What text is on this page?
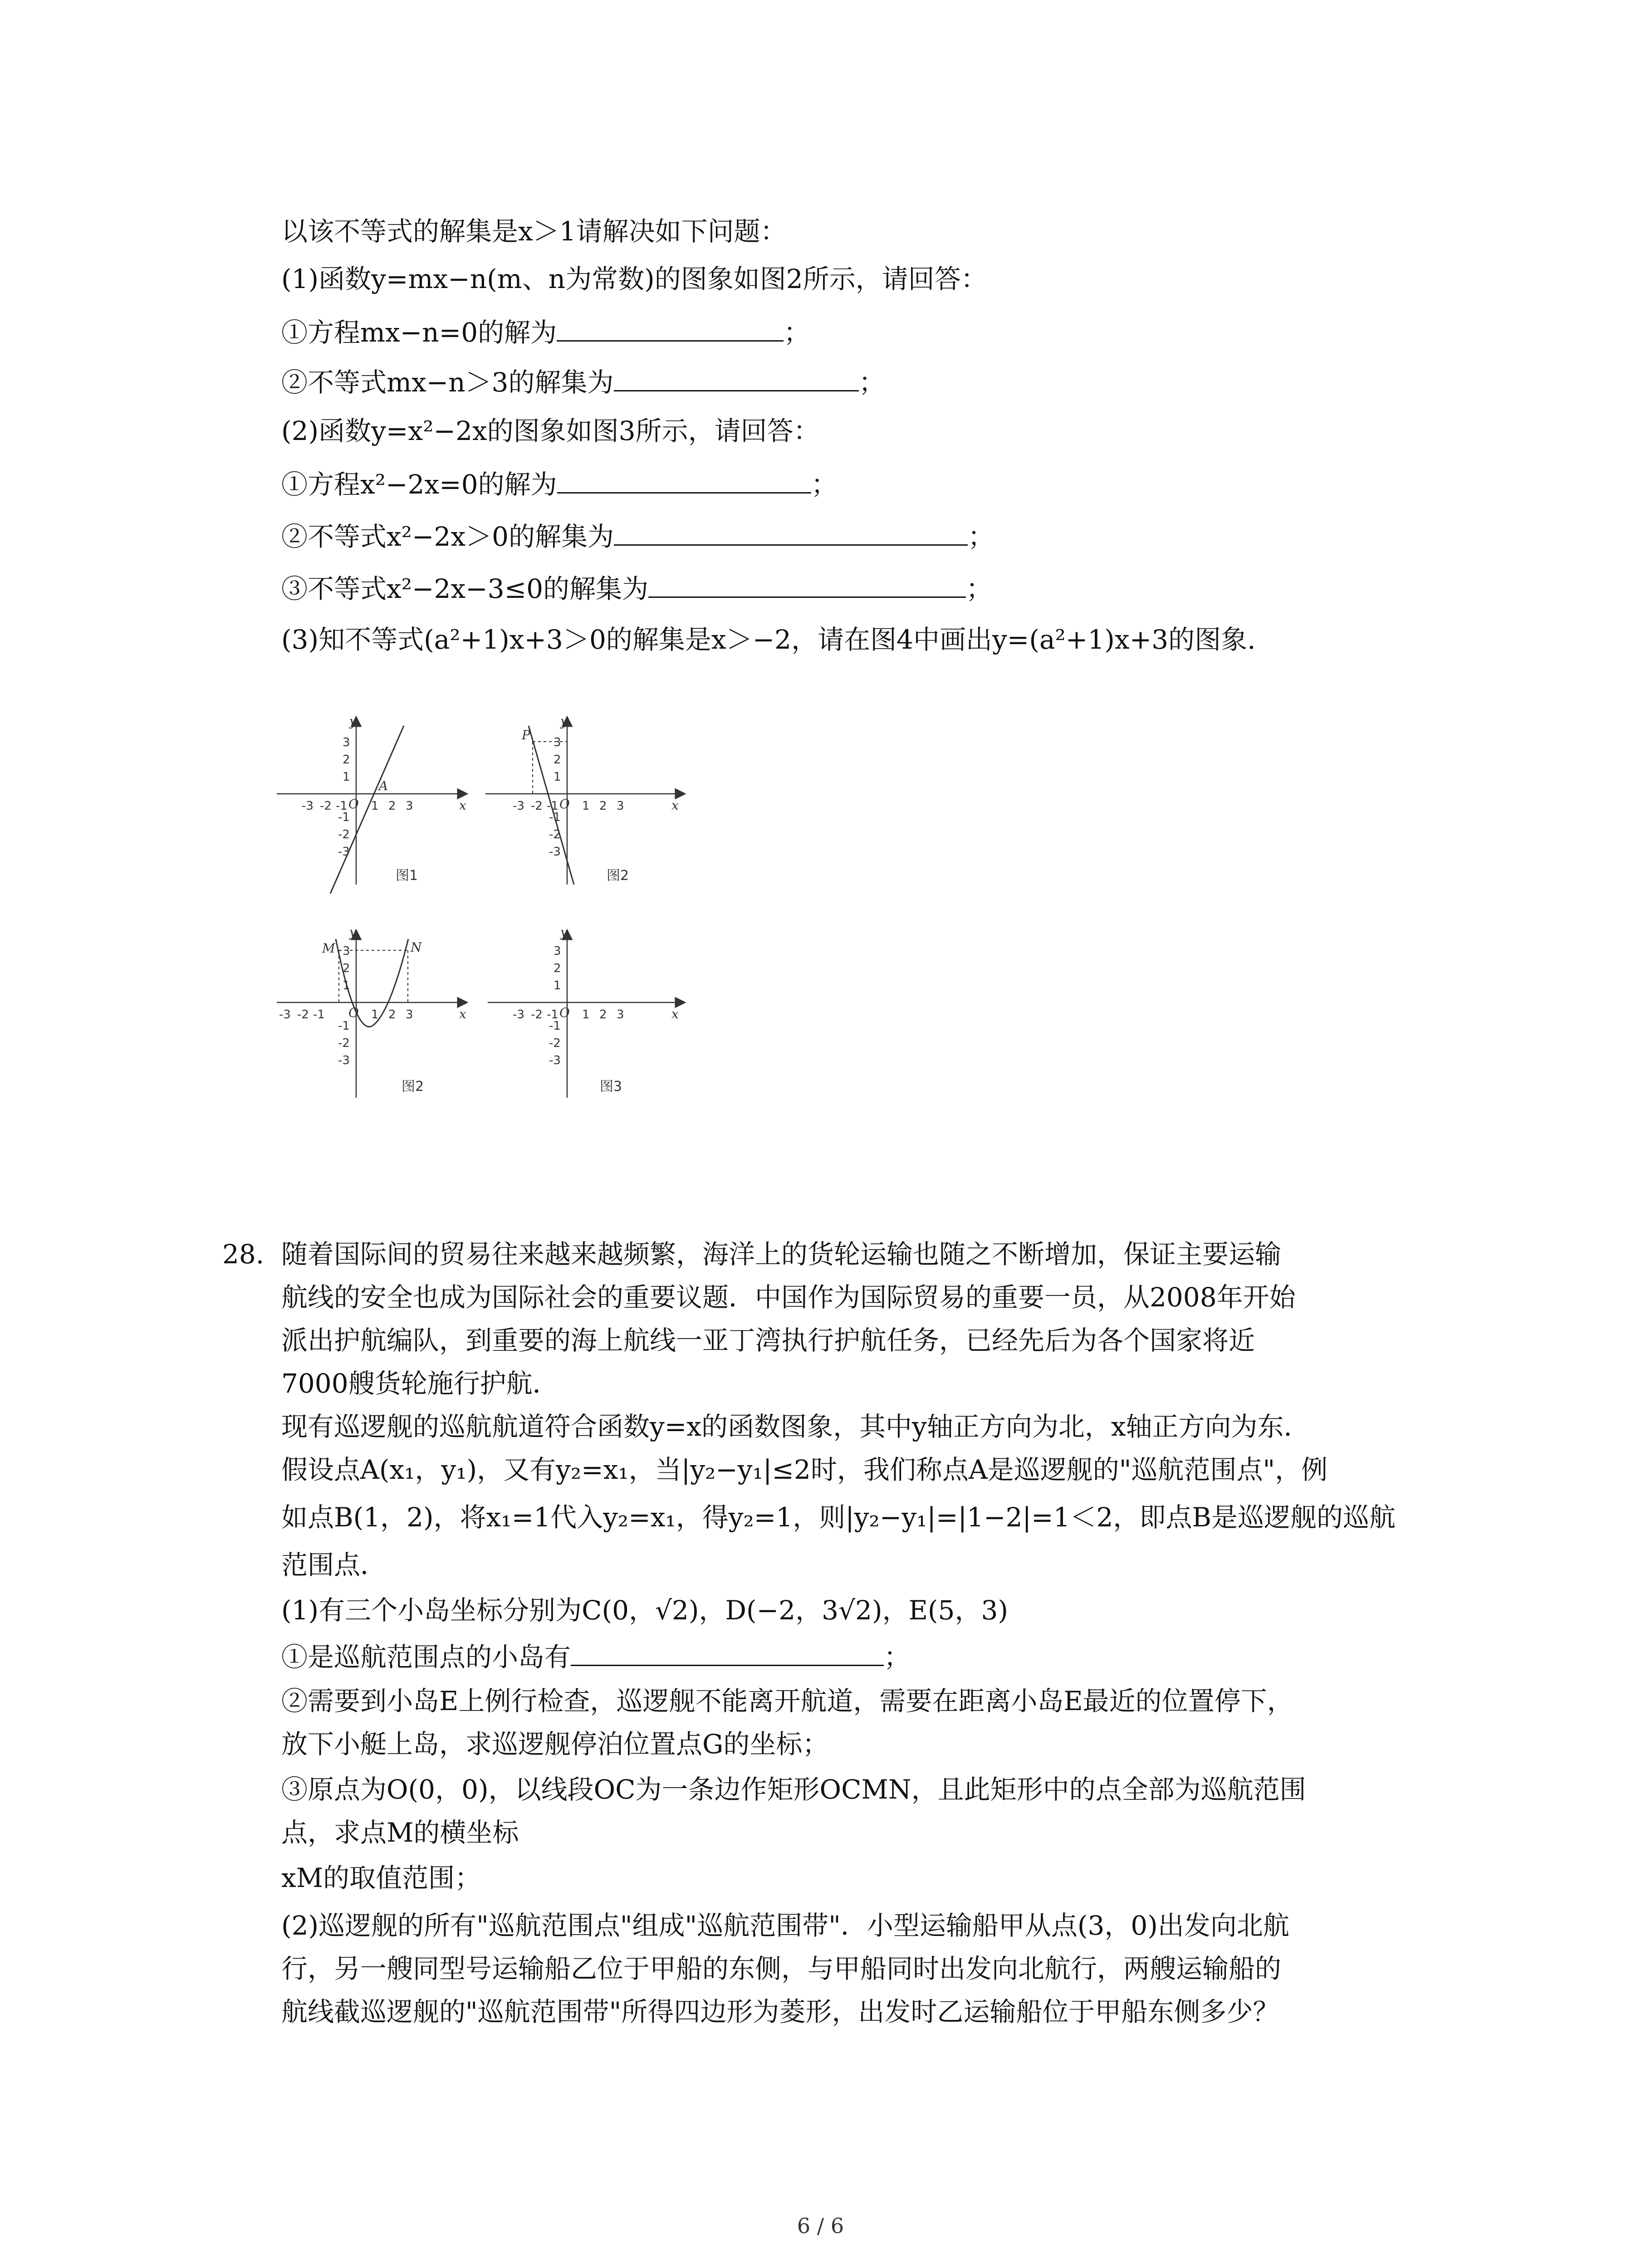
以该不等式的解集是x＞1请解决如下问题：
(1)函数y=mx−n(m、n为常数)的图象如图2所示，请回答：
①方程mx−n=0的解为	；
②不等式mx−n＞3的解集为	；
(2)函数y=x²−2x的图象如图3所示，请回答：
①方程x²−2x=0的解为	；
②不等式x²−2x＞0的解集为	；
③不等式x²−2x−3≤0的解集为	；
(3)知不等式(a²+1)x+3＞0的解集是x＞−2，请在图4中画出y=(a²+1)x+3的图象.
-3 -2 -1 1 2 3
3
2
1
-1
-2
-3
O	x
y
A
图1
-3 -2 -1 1 2 3
3
2
1
-1
-2
-3
O	x
y
P
图2
-3 -2 -1	1 2 3
3
2
1
-1
-2
-3
O	x
y
M	N
图2
-3 -2 -1 1 2 3
3
2
1
-1
-2
-3
O	x
y
图3
28. 随着国际间的贸易往来越来越频繁，海洋上的货轮运输也随之不断增加，保证主要运输
航线的安全也成为国际社会的重要议题．中国作为国际贸易的重要一员，从2008年开始
派出护航编队，到重要的海上航线一亚丁湾执行护航任务，已经先后为各个国家将近
7000艘货轮施行护航．
现有巡逻舰的巡航航道符合函数y=x的函数图象，其中y轴正方向为北，x轴正方向为东．
假设点A(x₁，y₁)，又有y₂=x₁，当|y₂−y₁|≤2时，我们称点A是巡逻舰的"巡航范围点"，例
如点B(1，2)，将x₁=1代入y₂=x₁，得y₂=1，则|y₂−y₁|=|1−2|=1＜2，即点B是巡逻舰的巡航
范围点．
(1)有三个小岛坐标分别为C(0，√2)，D(−2，3√2)，E(5，3)
①是巡航范围点的小岛有	；
②需要到小岛E上例行检查，巡逻舰不能离开航道，需要在距离小岛E最近的位置停下，
放下小艇上岛，求巡逻舰停泊位置点G的坐标；
③原点为O(0，0)，以线段OC为一条边作矩形OCMN，且此矩形中的点全部为巡航范围
点，求点M的横坐标
xM的取值范围；
(2)巡逻舰的所有"巡航范围点"组成"巡航范围带"．小型运输船甲从点(3，0)出发向北航
行，另一艘同型号运输船乙位于甲船的东侧，与甲船同时出发向北航行，两艘运输船的
航线截巡逻舰的"巡航范围带"所得四边形为菱形，出发时乙运输船位于甲船东侧多少？
6 / 6
